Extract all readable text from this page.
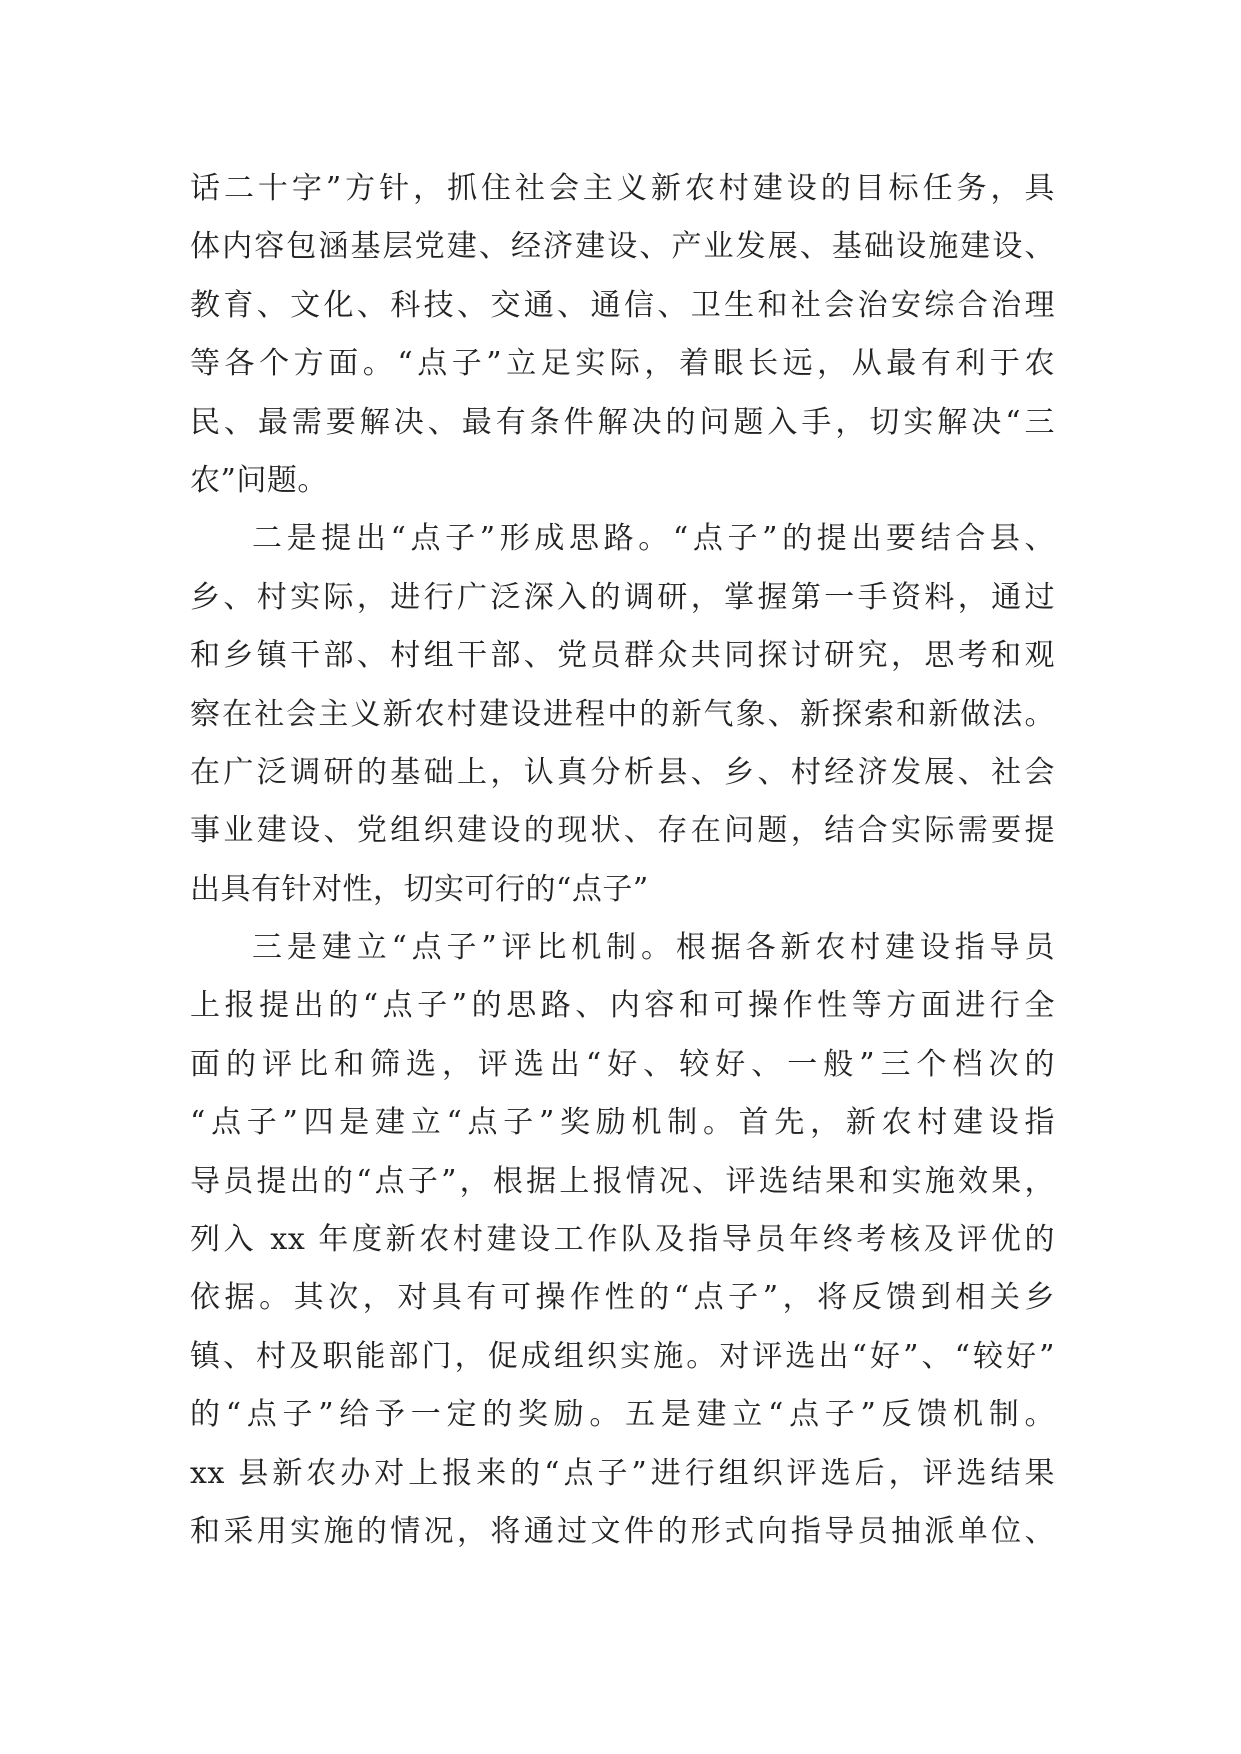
话二十字”方针，抓住社会主义新农村建设的目标任务，具
体内容包涵基层党建、经济建设、产业发展、基础设施建设、
教育、文化、科技、交通、通信、卫生和社会治安综合治理
等各个方面。“点子”立足实际，着眼长远，从最有利于农
民、最需要解决、最有条件解决的问题入手，切实解决“三
农”问题。
二是提出“点子”形成思路。“点子”的提出要结合县、
乡、村实际，进行广泛深入的调研，掌握第一手资料，通过
和乡镇干部、村组干部、党员群众共同探讨研究，思考和观
察在社会主义新农村建设进程中的新气象、新探索和新做法。
在广泛调研的基础上，认真分析县、乡、村经济发展、社会
事业建设、党组织建设的现状、存在问题，结合实际需要提
出具有针对性，切实可行的“点子”
三是建立“点子”评比机制。根据各新农村建设指导员
上报提出的“点子”的思路、内容和可操作性等方面进行全
面的评比和筛选，评选出“好、较好、一般”三个档次的
“点子”四是建立“点子”奖励机制。首先，新农村建设指
导员提出的“点子”，根据上报情况、评选结果和实施效果，
列入 xx 年度新农村建设工作队及指导员年终考核及评优的
依据。其次，对具有可操作性的“点子”，将反馈到相关乡
镇、村及职能部门，促成组织实施。对评选出“好”、“较好”
的“点子”给予一定的奖励。五是建立“点子”反馈机制。
xx 县新农办对上报来的“点子”进行组织评选后，评选结果
和采用实施的情况，将通过文件的形式向指导员抽派单位、
